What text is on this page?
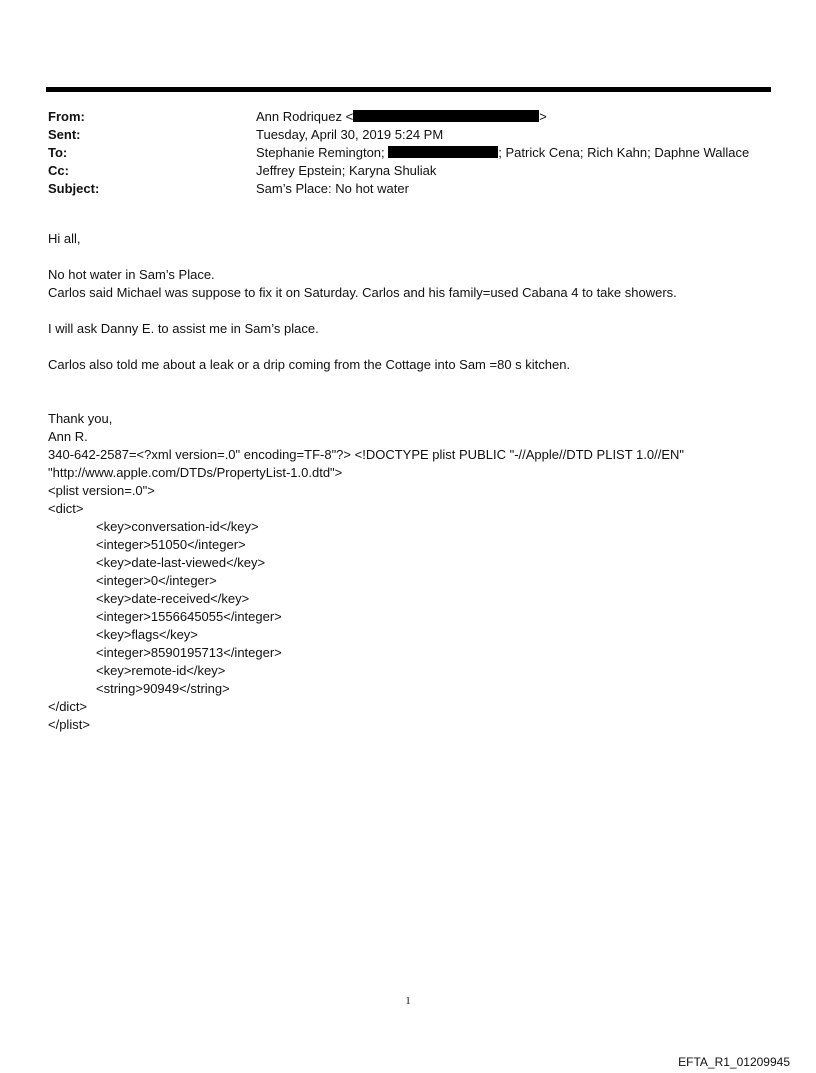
From:	Ann Rodriquez <	>
Sent:	Tuesday, April 30, 2019 5:24 PM
To:	Stephanie Remington;	; Patrick Cena; Rich Kahn; Daphne Wallace
Cc:	Jeffrey Epstein; Karyna Shuliak
Subject:	Sam’s Place: No hot water

Hi all,

No hot water in Sam’s Place.

Carlos said Michael was suppose to fix it on Saturday. Carlos and his family=used Cabana 4 to take showers.

I will ask Danny E. to assist me in Sam’s place.

Carlos also told me about a leak or a drip coming from the Cottage into Sam =80 s kitchen.

Thank you,

Ann R.

340-642-2587=<?xml version=.0" encoding=TF-8"?> <!DOCTYPE plist PUBLIC "-//Apple//DTD PLIST 1.0//EN"

"http://www.apple.com/DTDs/PropertyList-1.0.dtd">

<plist version=.0">

<dict>

<key>conversation-id</key>

<integer>51050</integer>

<key>date-last-viewed</key>

<integer>0</integer>

<key>date-received</key>

<integer>1556645055</integer>

<key>flags</key>

<integer>8590195713</integer>

<key>remote-id</key>

<string>90949</string>

</dict>

</plist>

1
EFTA_R1_01209945
